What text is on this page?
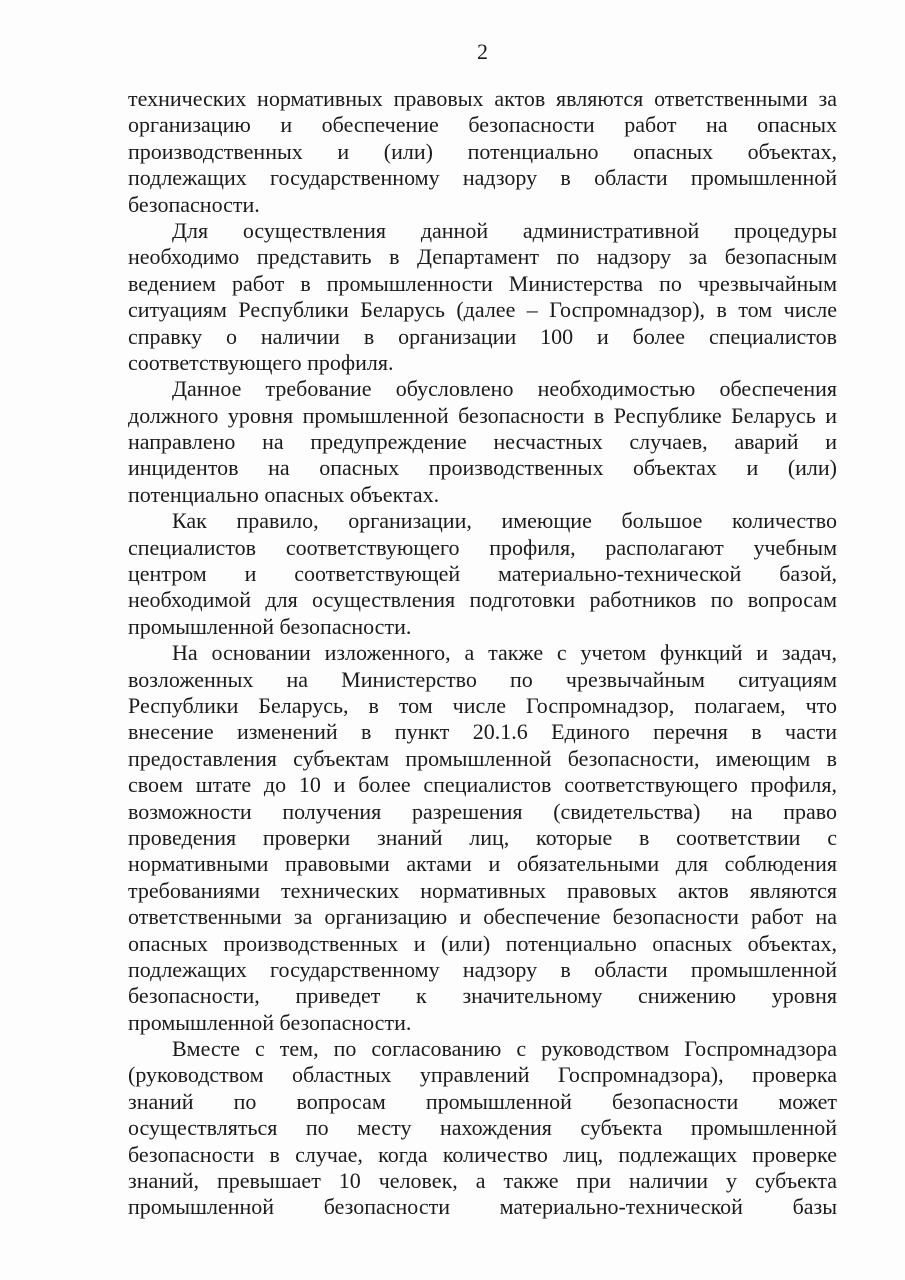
2
технических нормативных правовых актов являются ответственными за
организацию и обеспечение безопасности работ на опасных
производственных и (или) потенциально опасных объектах,
подлежащих государственному надзору в области промышленной
безопасности.
Для осуществления данной административной процедуры
необходимо представить в Департамент по надзору за безопасным
ведением работ в промышленности Министерства по чрезвычайным
ситуациям Республики Беларусь (далее – Госпромнадзор), в том числе
справку о наличии в организации 100 и более специалистов
соответствующего профиля.
Данное требование обусловлено необходимостью обеспечения
должного уровня промышленной безопасности в Республике Беларусь и
направлено на предупреждение несчастных случаев, аварий и
инцидентов на опасных производственных объектах и (или)
потенциально опасных объектах.
Как правило, организации, имеющие большое количество
специалистов соответствующего профиля, располагают учебным
центром и соответствующей материально-технической базой,
необходимой для осуществления подготовки работников по вопросам
промышленной безопасности.
На основании изложенного, а также с учетом функций и задач,
возложенных на Министерство по чрезвычайным ситуациям
Республики Беларусь, в том числе Госпромнадзор, полагаем, что
внесение изменений в пункт 20.1.6 Единого перечня в части
предоставления субъектам промышленной безопасности, имеющим в
своем штате до 10 и более специалистов соответствующего профиля,
возможности получения разрешения (свидетельства) на право
проведения проверки знаний лиц, которые в соответствии с
нормативными правовыми актами и обязательными для соблюдения
требованиями технических нормативных правовых актов являются
ответственными за организацию и обеспечение безопасности работ на
опасных производственных и (или) потенциально опасных объектах,
подлежащих государственному надзору в области промышленной
безопасности, приведет к значительному снижению уровня
промышленной безопасности.
Вместе с тем, по согласованию с руководством Госпромнадзора
(руководством областных управлений Госпромнадзора), проверка
знаний по вопросам промышленной безопасности может
осуществляться по месту нахождения субъекта промышленной
безопасности в случае, когда количество лиц, подлежащих проверке
знаний, превышает 10 человек, а также при наличии у субъекта
промышленной безопасности материально-технической базы
